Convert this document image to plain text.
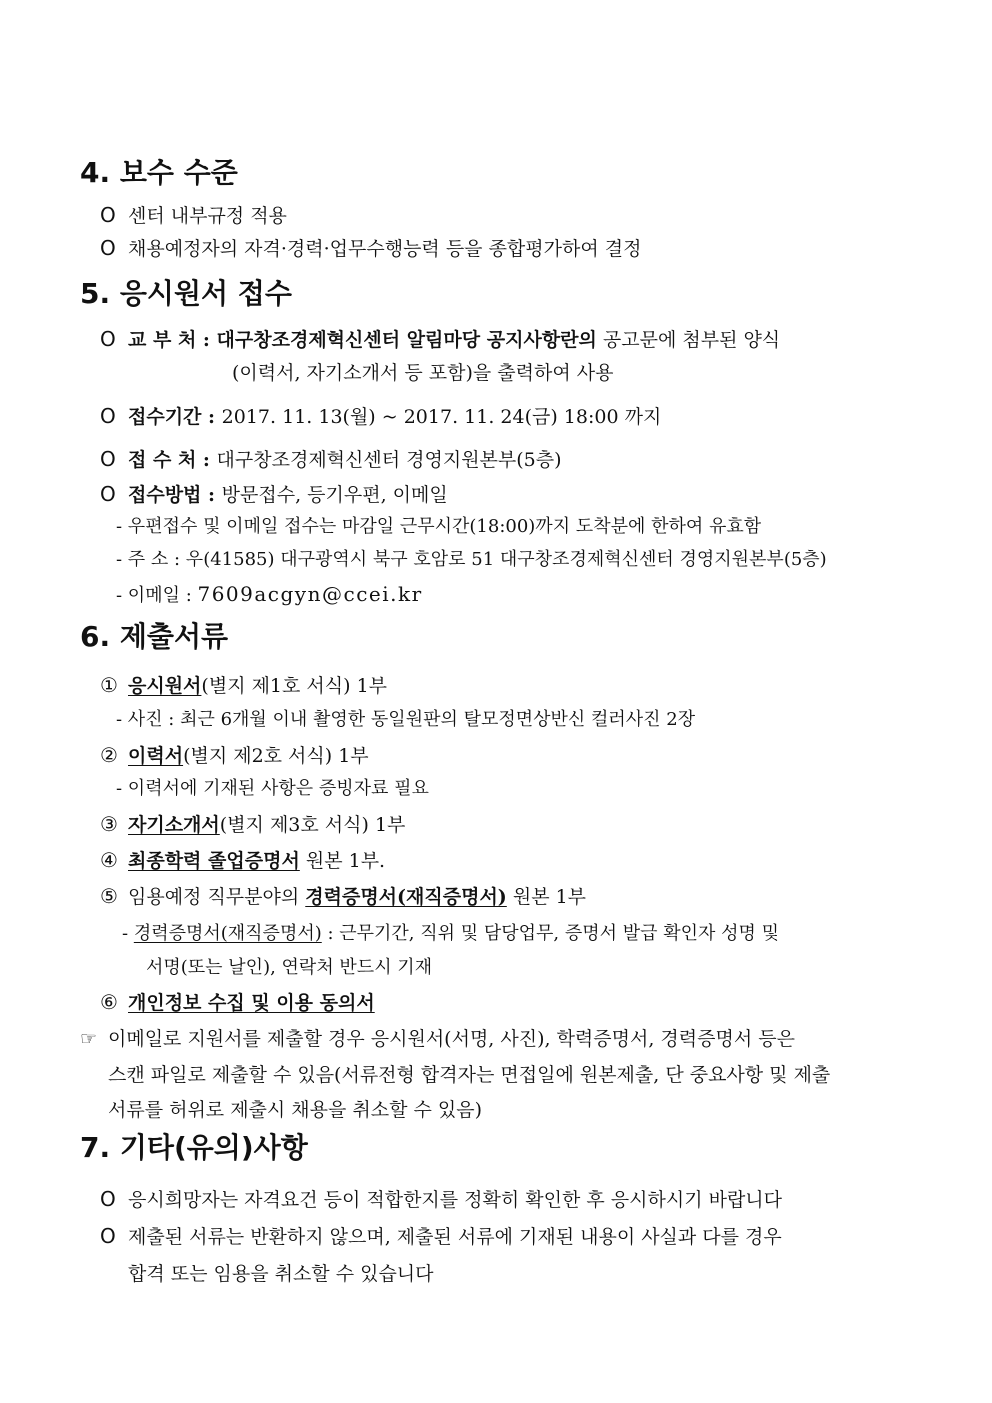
4. 보수 수준
O 센터 내부규정 적용
O 채용예정자의 자격·경력·업무수행능력 등을 종합평가하여 결정
5. 응시원서 접수
O 교 부 처 : 대구창조경제혁신센터 알림마당 공지사항란의 공고문에 첨부된 양식
(이력서, 자기소개서 등 포함)을 출력하여 사용
O 접수기간 : 2017. 11. 13(월) ~ 2017. 11. 24(금) 18:00 까지
O 접 수 처 : 대구창조경제혁신센터 경영지원본부(5층)
O 접수방법 : 방문접수, 등기우편, 이메일
- 우편접수 및 이메일 접수는 마감일 근무시간(18:00)까지 도착분에 한하여 유효함
- 주 소 : 우(41585) 대구광역시 북구 호암로 51 대구창조경제혁신센터 경영지원본부(5층)
- 이메일 : 7609acgyn@ccei.kr
6. 제출서류
① 응시원서(별지 제1호 서식) 1부
- 사진 : 최근 6개월 이내 촬영한 동일원판의 탈모정면상반신 컬러사진 2장
② 이력서(별지 제2호 서식) 1부
- 이력서에 기재된 사항은 증빙자료 필요
③ 자기소개서(별지 제3호 서식) 1부
④ 최종학력 졸업증명서 원본 1부.
⑤ 임용예정 직무분야의 경력증명서(재직증명서) 원본 1부
- 경력증명서(재직증명서) : 근무기간, 직위 및 담당업무, 증명서 발급 확인자 성명 및
서명(또는 날인), 연락처 반드시 기재
⑥ 개인정보 수집 및 이용 동의서
☞ 이메일로 지원서를 제출할 경우 응시원서(서명, 사진), 학력증명서, 경력증명서 등은
스캔 파일로 제출할 수 있음(서류전형 합격자는 면접일에 원본제출, 단 중요사항 및 제출
서류를 허위로 제출시 채용을 취소할 수 있음)
7. 기타(유의)사항
O 응시희망자는 자격요건 등이 적합한지를 정확히 확인한 후 응시하시기 바랍니다
O 제출된 서류는 반환하지 않으며, 제출된 서류에 기재된 내용이 사실과 다를 경우
합격 또는 임용을 취소할 수 있습니다
